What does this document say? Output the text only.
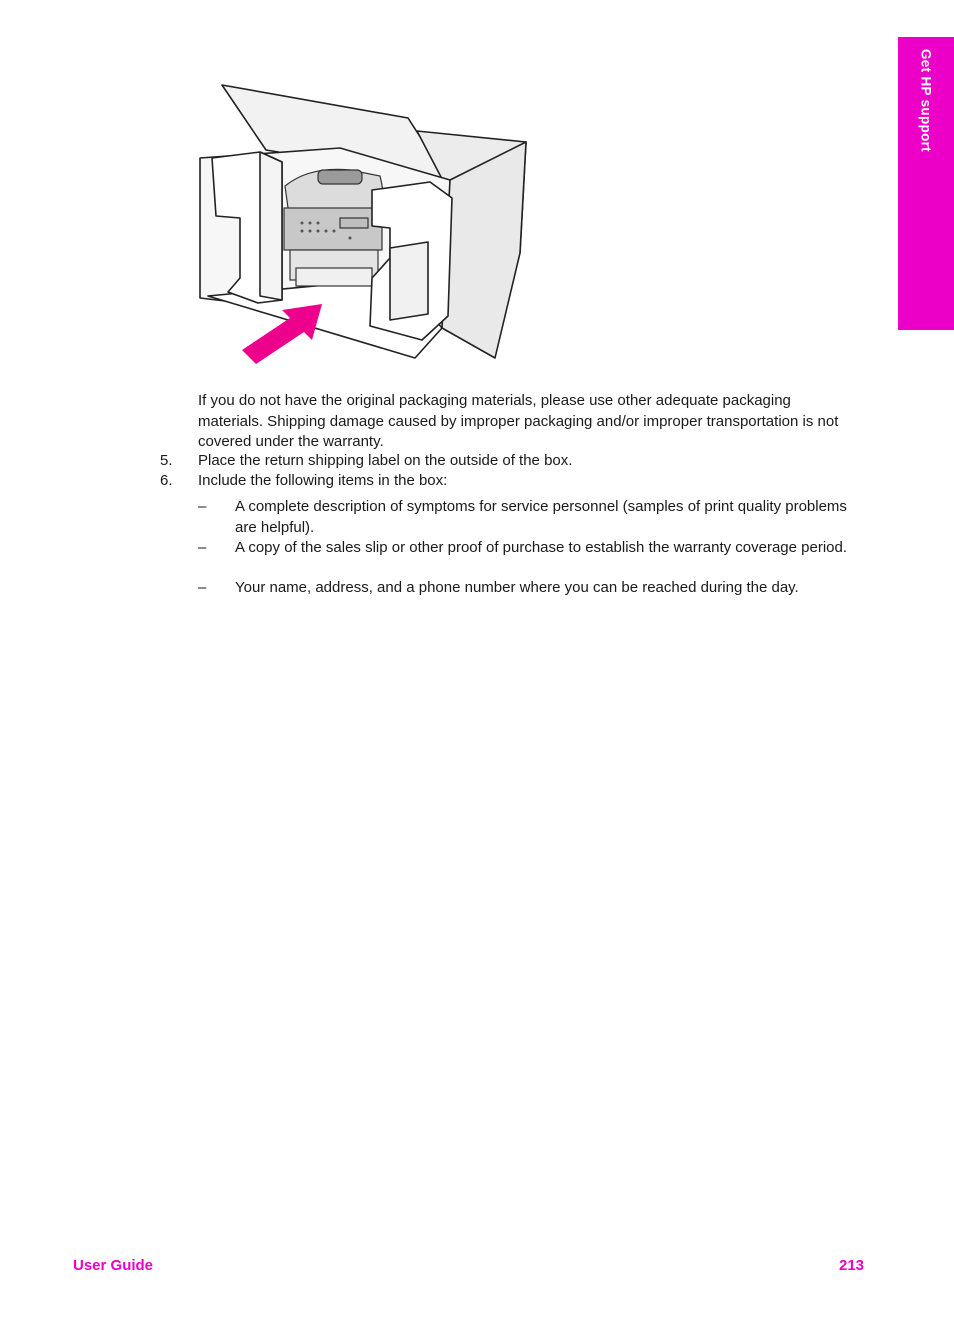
Get HP support
If you do not have the original packaging materials, please use other adequate packaging materials. Shipping damage caused by improper packaging and/or improper transportation is not covered under the warranty.
5. Place the return shipping label on the outside of the box.
6. Include the following items in the box:
– A complete description of symptoms for service personnel (samples of print quality problems are helpful).
– A copy of the sales slip or other proof of purchase to establish the warranty coverage period.
– Your name, address, and a phone number where you can be reached during the day.
User Guide	213
